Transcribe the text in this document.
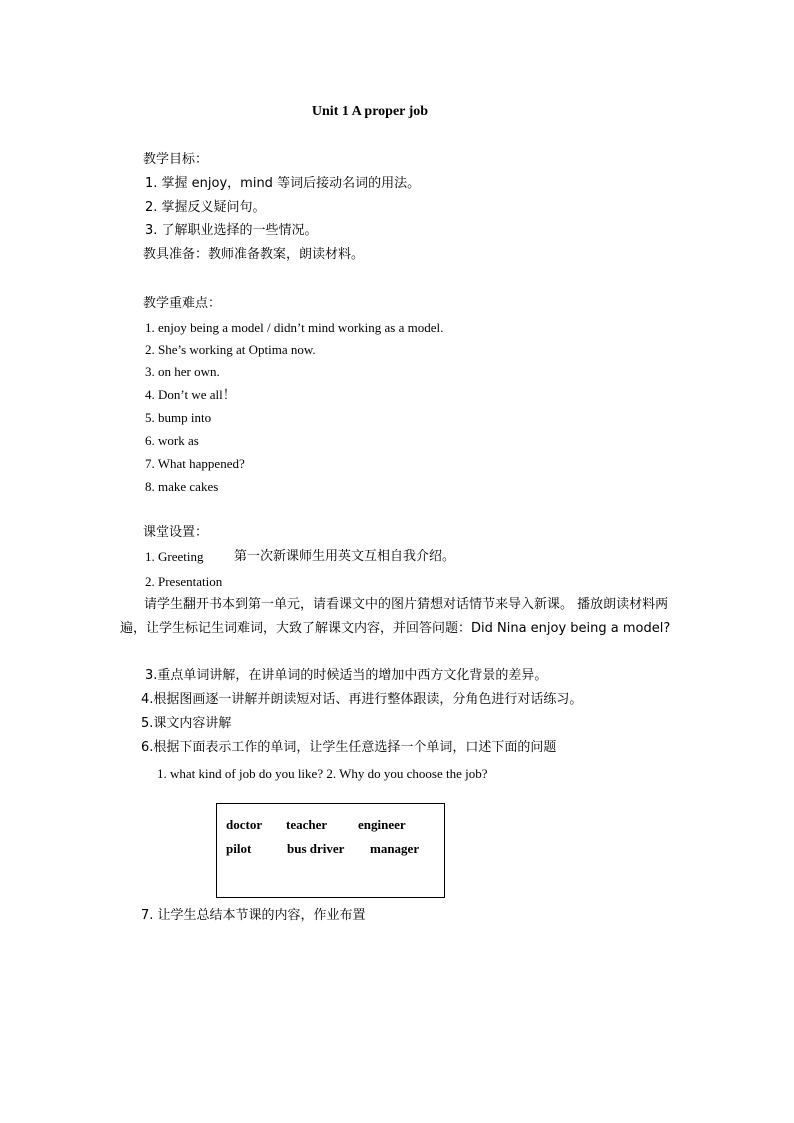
Unit 1 A proper job
教学目标：
1. 掌握 enjoy，mind 等词后接动名词的用法。
2. 掌握反义疑问句。
3. 了解职业选择的一些情况。
教具准备：教师准备教案，朗读材料。
教学重难点：
1. enjoy being a model / didn’t mind working as a model.
2. She’s working at Optima now.
3. on her own.
4. Don’t we all！
5. bump into
6. work as
7. What happened?
8. make cakes
课堂设置：
1. Greeting 第一次新课师生用英文互相自我介绍。
2. Presentation
请学生翻开书本到第一单元，请看课文中的图片猜想对话情节来导入新课。 播放朗读材料两遍，让学生标记生词难词，大致了解课文内容，并回答问题：Did Nina enjoy being a model?
3.重点单词讲解，在讲单词的时候适当的增加中西方文化背景的差异。
4.根据图画逐一讲解并朗读短对话、再进行整体跟读，分角色进行对话练习。
5.课文内容讲解
6.根据下面表示工作的单词，让学生任意选择一个单词，口述下面的问题
1. what kind of job do you like? 2. Why do you choose the job?
doctor teacher engineer
pilot	bus driver manager
7. 让学生总结本节课的内容，作业布置
